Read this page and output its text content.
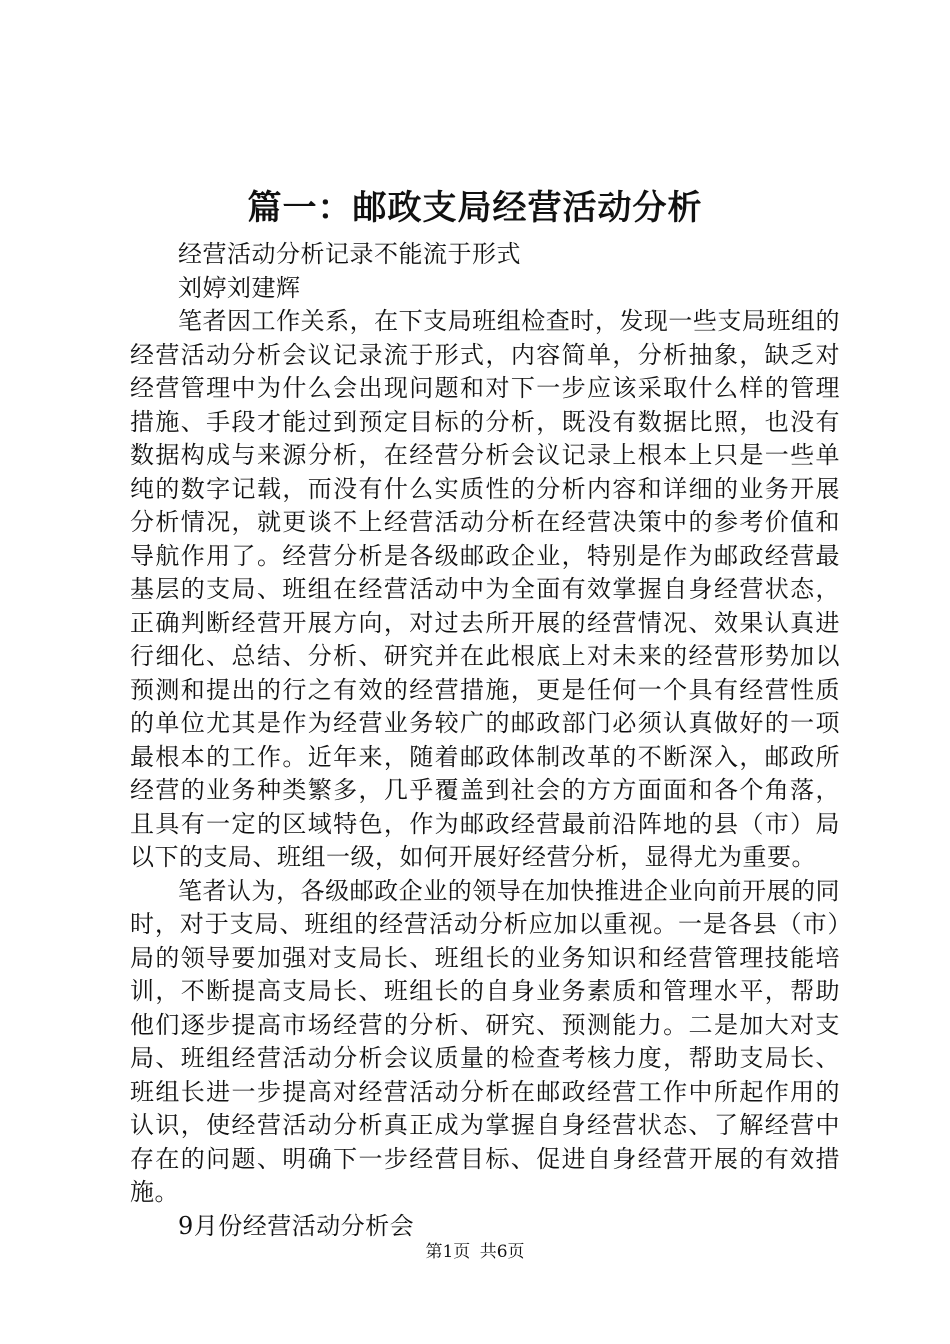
篇一：邮政支局经营活动分析

经营活动分析记录不能流于形式

刘婷刘建辉

笔者因工作关系，在下支局班组检查时，发现一些支局班组的经营活动分析会议记录流于形式，内容简单，分析抽象，缺乏对经营管理中为什么会出现问题和对下一步应该采取什么样的管理措施、手段才能过到预定目标的分析，既没有数据比照，也没有数据构成与来源分析，在经营分析会议记录上根本上只是一些单纯的数字记载，而没有什么实质性的分析内容和详细的业务开展分析情况，就更谈不上经营活动分析在经营决策中的参考价值和导航作用了。经营分析是各级邮政企业，特别是作为邮政经营最基层的支局、班组在经营活动中为全面有效掌握自身经营状态，正确判断经营开展方向，对过去所开展的经营情况、效果认真进行细化、总结、分析、研究并在此根底上对未来的经营形势加以预测和提出的行之有效的经营措施，更是任何一个具有经营性质的单位尤其是作为经营业务较广的邮政部门必须认真做好的一项最根本的工作。近年来，随着邮政体制改革的不断深入，邮政所经营的业务种类繁多，几乎覆盖到社会的方方面面和各个角落，且具有一定的区域特色，作为邮政经营最前沿阵地的县（市）局以下的支局、班组一级，如何开展好经营分析，显得尤为重要。

笔者认为，各级邮政企业的领导在加快推进企业向前开展的同时，对于支局、班组的经营活动分析应加以重视。一是各县（市）局的领导要加强对支局长、班组长的业务知识和经营管理技能培训，不断提高支局长、班组长的自身业务素质和管理水平，帮助他们逐步提高市场经营的分析、研究、预测能力。二是加大对支局、班组经营活动分析会议质量的检查考核力度，帮助支局长、班组长进一步提高对经营活动分析在邮政经营工作中所起作用的认识，使经营活动分析真正成为掌握自身经营状态、了解经营中存在的问题、明确下一步经营目标、促进自身经营开展的有效措施。

9月份经营活动分析会

第1页 共6页
